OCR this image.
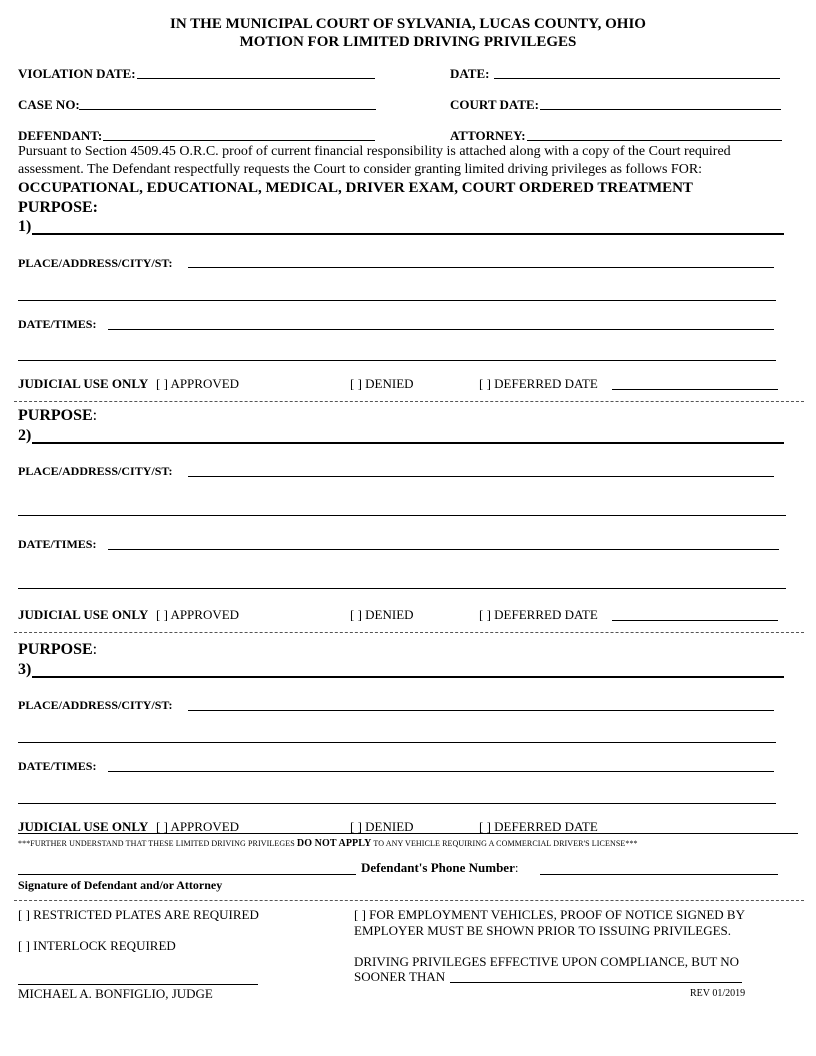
IN THE MUNICIPAL COURT OF SYLVANIA, LUCAS COUNTY, OHIO
MOTION FOR LIMITED DRIVING PRIVILEGES
VIOLATION DATE:	DATE:
CASE NO:	COURT DATE:
DEFENDANT:	ATTORNEY:
Pursuant to Section 4509.45 O.R.C. proof of current financial responsibility is attached along with a copy of the Court required
assessment. The Defendant respectfully requests the Court to consider granting limited driving privileges as follows FOR:
OCCUPATIONAL, EDUCATIONAL, MEDICAL, DRIVER EXAM, COURT ORDERED TREATMENT
PURPOSE:
1)
PLACE/ADDRESS/CITY/ST:
DATE/TIMES:
JUDICIAL USE ONLY [ ] APPROVED	[ ] DENIED	[ ] DEFERRED DATE
PURPOSE:
2)
PLACE/ADDRESS/CITY/ST:
DATE/TIMES:
JUDICIAL USE ONLY [ ] APPROVED	[ ] DENIED	[ ] DEFERRED DATE
PURPOSE:
3)
PLACE/ADDRESS/CITY/ST:
DATE/TIMES:
JUDICIAL USE ONLY [ ] APPROVED	[ ] DENIED	[ ] DEFERRED DATE
***FURTHER UNDERSTAND THAT THESE LIMITED DRIVING PRIVILEGES DO NOT APPLY TO ANY VEHICLE REQUIRING A COMMERCIAL DRIVER'S LICENSE***
Defendant's Phone Number:
Signature of Defendant and/or Attorney
[ ] RESTRICTED PLATES ARE REQUIRED
[ ] INTERLOCK REQUIRED
[ ] FOR EMPLOYMENT VEHICLES, PROOF OF NOTICE SIGNED BY
EMPLOYER MUST BE SHOWN PRIOR TO ISSUING PRIVILEGES.
DRIVING PRIVILEGES EFFECTIVE UPON COMPLIANCE, BUT NO
SOONER THAN
MICHAEL A. BONFIGLIO, JUDGE	REV 01/2019
